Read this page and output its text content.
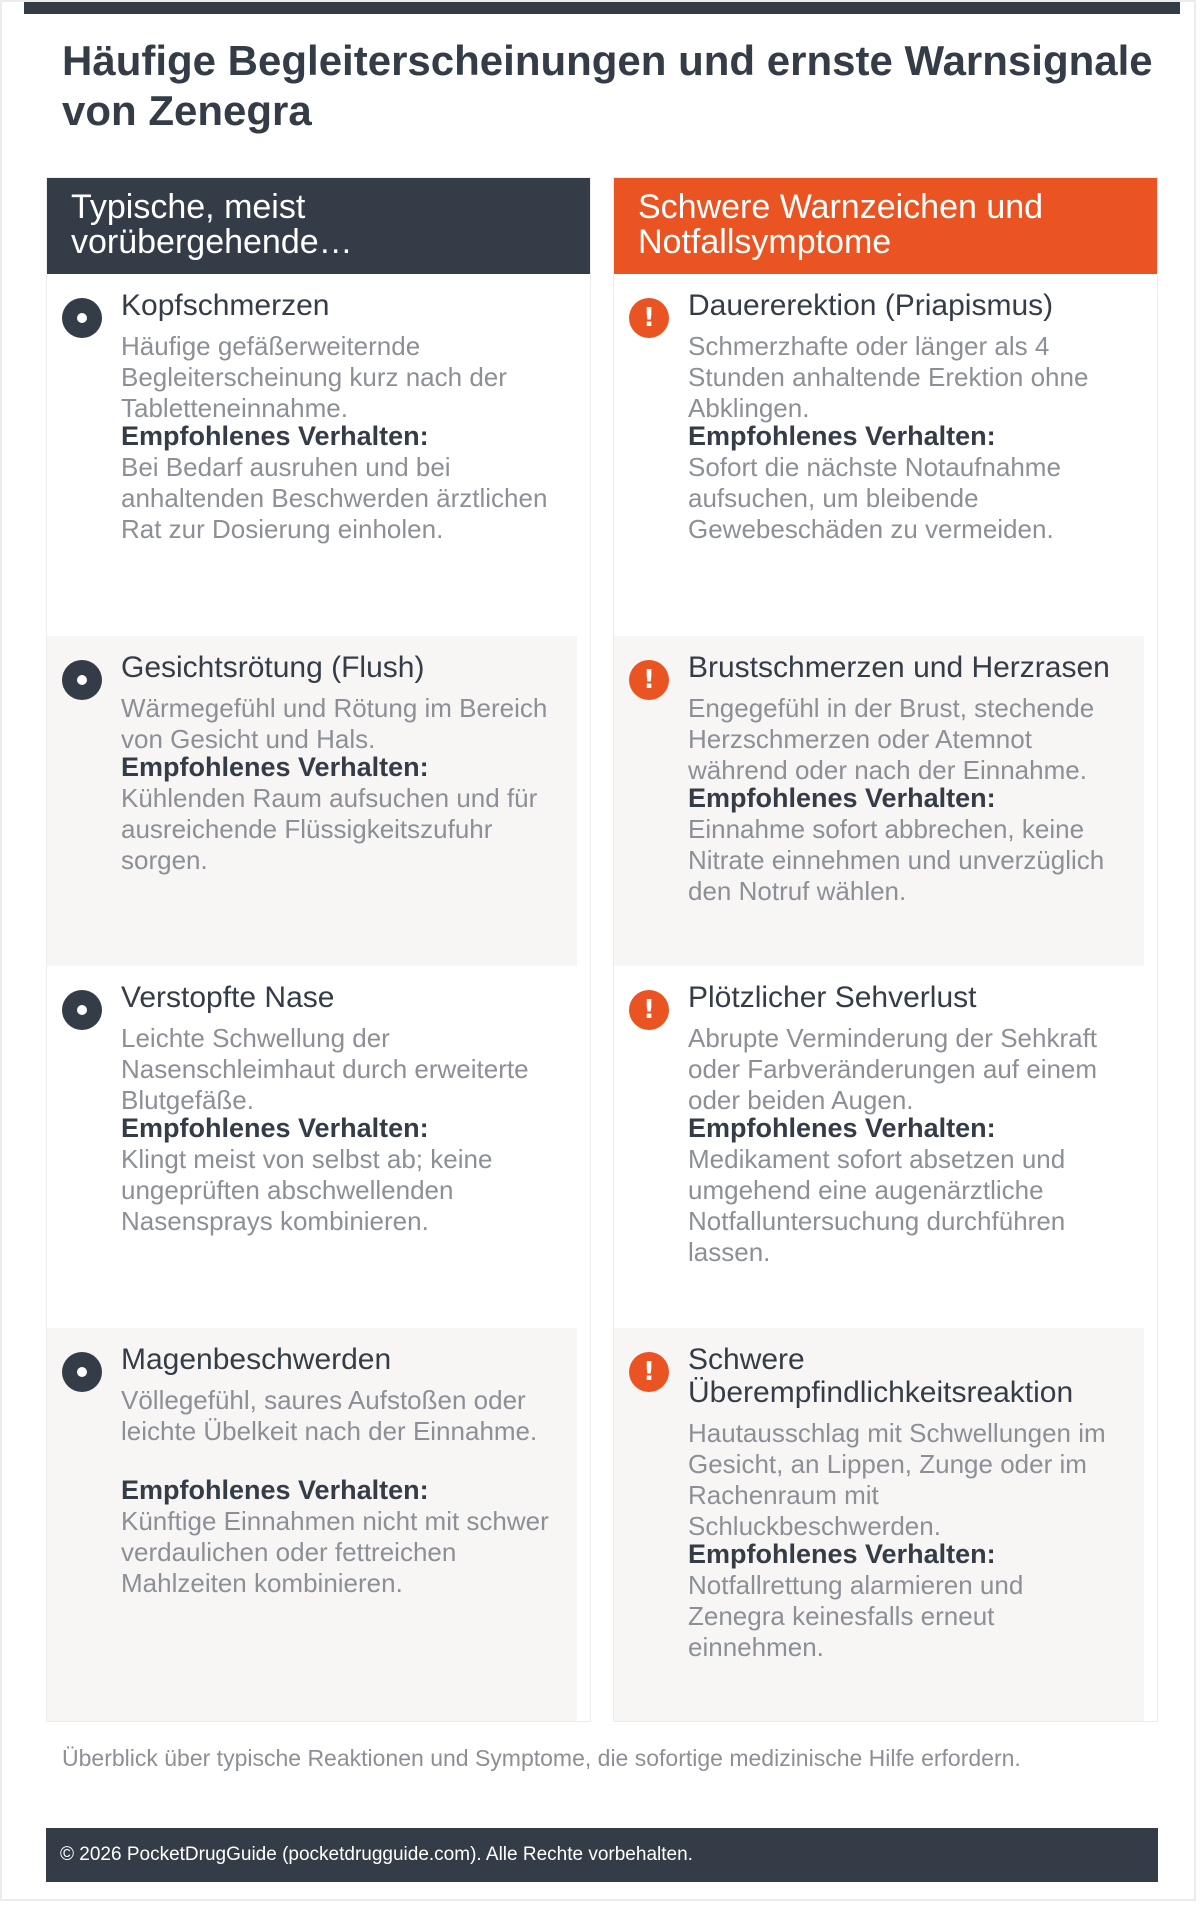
Häufige Begleiterscheinungen und ernste Warnsignale von Zenegra
Typische, meist vorübergehende…
Kopfschmerzen

Häufige gefäßerweiternde Begleiterscheinung kurz nach der Tabletteneinnahme.

Empfohlenes Verhalten:

Bei Bedarf ausruhen und bei anhaltenden Beschwerden ärztlichen Rat zur Dosierung einholen.

Gesichtsrötung (Flush)

Wärmegefühl und Rötung im Bereich von Gesicht und Hals.

Empfohlenes Verhalten:

Kühlenden Raum aufsuchen und für ausreichende Flüssigkeitszufuhr sorgen.

Verstopfte Nase

Leichte Schwellung der Nasenschleimhaut durch erweiterte Blutgefäße.

Empfohlenes Verhalten:

Klingt meist von selbst ab; keine ungeprüften abschwellenden Nasensprays kombinieren.

Magenbeschwerden

Völlegefühl, saures Aufstoßen oder leichte Übelkeit nach der Einnahme.

Empfohlenes Verhalten:

Künftige Einnahmen nicht mit schwer verdaulichen oder fettreichen Mahlzeiten kombinieren.

Schwere Warnzeichen und Notfallsymptome
!	Dauererektion (Priapismus)

Schmerzhafte oder länger als 4 Stunden anhaltende Erektion ohne Abklingen.

Empfohlenes Verhalten:

Sofort die nächste Notaufnahme aufsuchen, um bleibende Gewebeschäden zu vermeiden.

!	Brustschmerzen und Herzrasen

Engegefühl in der Brust, stechende Herzschmerzen oder Atemnot während oder nach der Einnahme.

Empfohlenes Verhalten:

Einnahme sofort abbrechen, keine Nitrate einnehmen und unverzüglich den Notruf wählen.

!	Plötzlicher Sehverlust

Abrupte Verminderung der Sehkraft oder Farbveränderungen auf einem oder beiden Augen.

Empfohlenes Verhalten:

Medikament sofort absetzen und umgehend eine augenärztliche Notfalluntersuchung durchführen lassen.

!	Schwere Überempfindlichkeitsreaktion

Hautausschlag mit Schwellungen im Gesicht, an Lippen, Zunge oder im Rachenraum mit Schluckbeschwerden.

Empfohlenes Verhalten:

Notfallrettung alarmieren und Zenegra keinesfalls erneut einnehmen.

Überblick über typische Reaktionen und Symptome, die sofortige medizinische Hilfe erfordern.
© 2026 PocketDrugGuide (pocketdrugguide.com). Alle Rechte vorbehalten.
